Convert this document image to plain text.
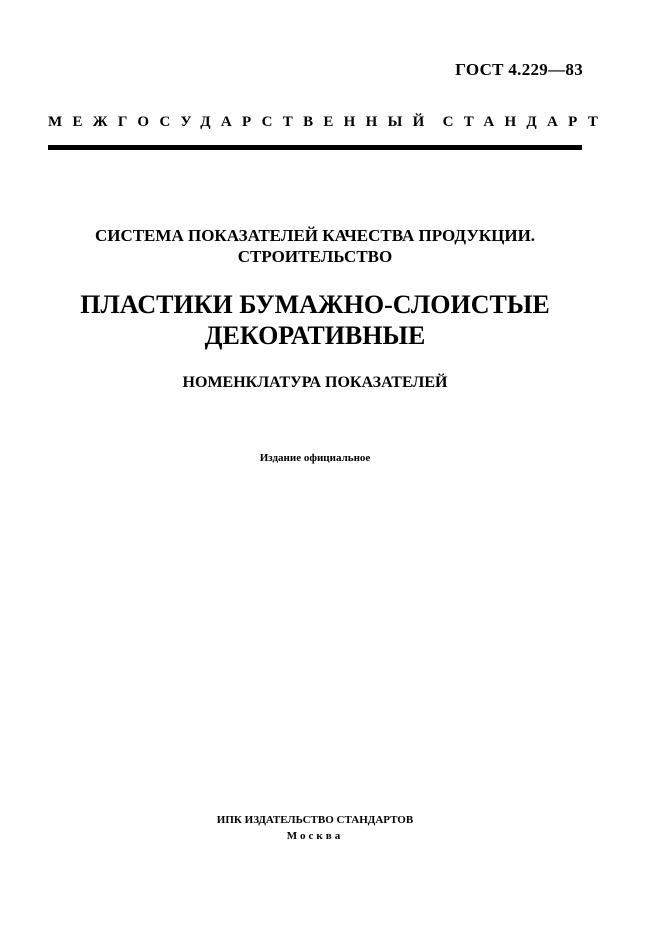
ГОСТ 4.229—83
МЕЖГОСУДАРСТВЕННЫЙ СТАНДАРТ
СИСТЕМА ПОКАЗАТЕЛЕЙ КАЧЕСТВА ПРОДУКЦИИ.
СТРОИТЕЛЬСТВО
ПЛАСТИКИ БУМАЖНО-СЛОИСТЫЕ
ДЕКОРАТИВНЫЕ
НОМЕНКЛАТУРА ПОКАЗАТЕЛЕЙ
Издание официальное
ИПК ИЗДАТЕЛЬСТВО СТАНДАРТОВ
Москва
